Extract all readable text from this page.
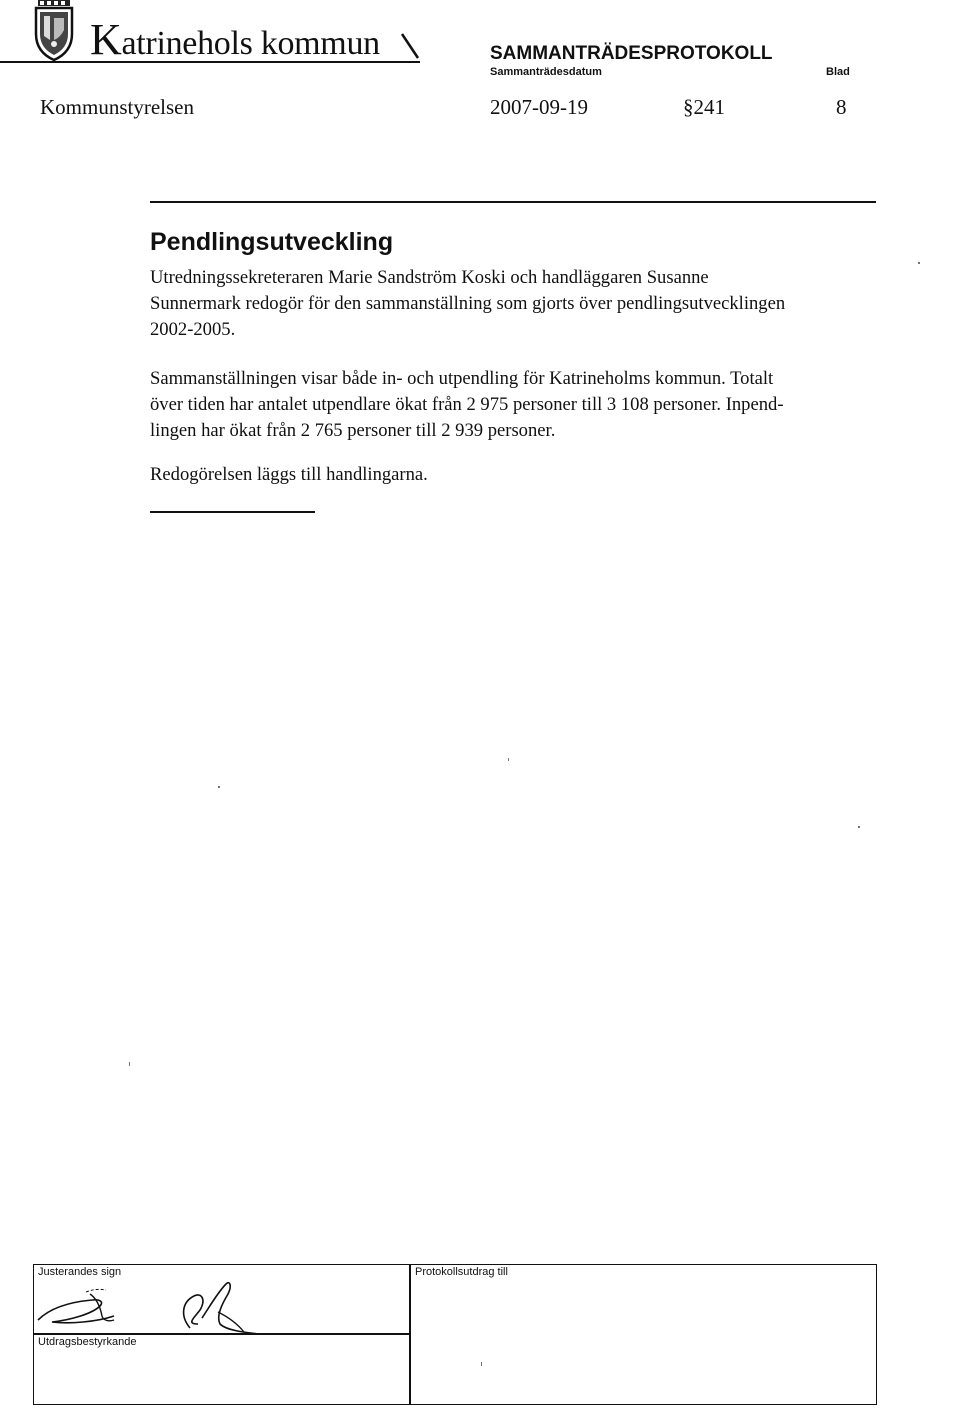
Katrinehols kommun	SAMMANTRÄDESPROTOKOLL
Sammanträdesdatum	Blad
Kommunstyrelsen	2007-09-19	§241	8
Pendlingsutveckling
Utredningssekreteraren Marie Sandström Koski och handläggaren Susanne
Sunnermark redogör för den sammanställning som gjorts över pendlingsutvecklingen
2002-2005.
Sammanställningen visar både in- och utpendling för Katrineholms kommun. Totalt
över tiden har antalet utpendlare ökat från 2 975 personer till 3 108 personer. Inpend-
lingen har ökat från 2 765 personer till 2 939 personer.
Redogörelsen läggs till handlingarna.
Justerandes sign	Protokollsutdrag till
Utdragsbestyrkande
